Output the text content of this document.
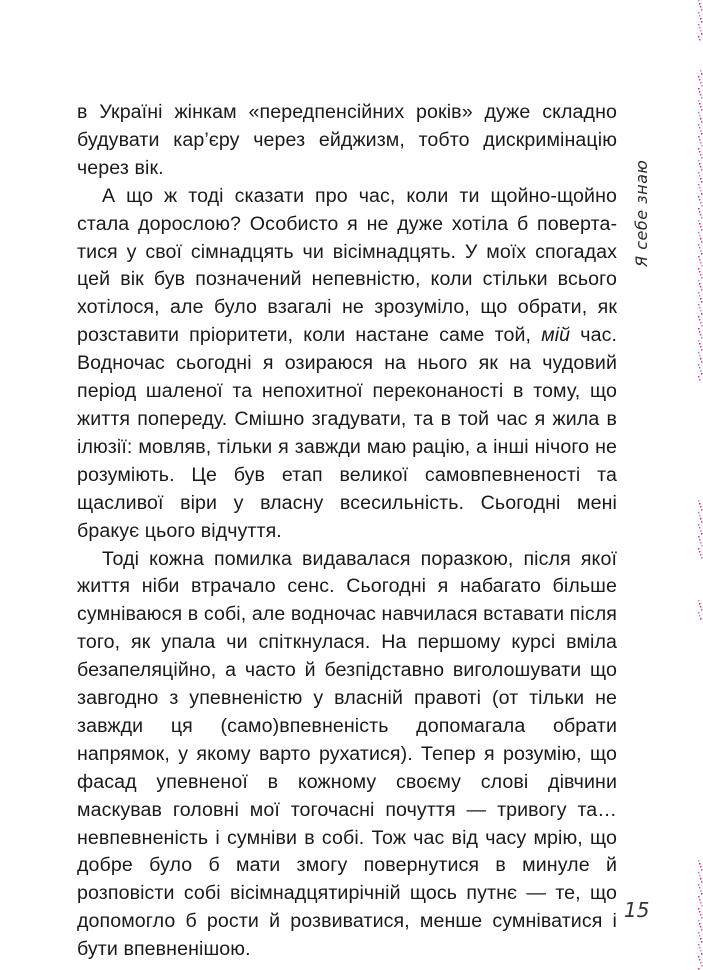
в Україні жінкам «передпенсійних років» дуже складно будувати кар’єру через ейджизм, тобто дискримінацію через вік.

А що ж тоді сказати про час, коли ти щойно-щойно стала дорослою? Особисто я не дуже хотіла б повертатися у свої сімнадцять чи вісімнадцять. У моїх спогадах цей вік був позначений непевністю, коли стільки всього хотілося, але було взагалі не зрозуміло, що обрати, як розставити пріоритети, коли настане саме той, мій час. Водночас сьогодні я озираюся на нього як на чудовий період шаленої та непохитної переконаності в тому, що життя попереду. Смішно згадувати, та в той час я жила в ілюзії: мовляв, тільки я завжди маю рацію, а інші нічого не розуміють. Це був етап великої самовпевненості та щасливої віри у власну всесильність. Сьогодні мені бракує цього відчуття.

Тоді кожна помилка видавалася поразкою, після якої життя ніби втрачало сенс. Сьогодні я набагато більше сумніваюся в собі, але водночас навчилася вставати після того, як упала чи спіткнулася. На першому курсі вміла безапеляційно, а часто й безпідставно виголошувати що завгодно з упевненістю у власній правоті (от тільки не завжди ця (само)впевненість допомагала обрати напрямок, у якому варто рухатися). Тепер я розумію, що фасад упевненої в кожному своєму слові дівчини маскував головні мої тогочасні почуття — тривогу та… невпевненість і сумніви в собі. Тож час від часу мрію, що добре було б мати змогу повернутися в минуле й розповісти собі вісімнадцятирічній щось путнє — те, що допомогло б рости й розвиватися, менше сумніватися і бути впевненішою.

Я себе знаю
15
